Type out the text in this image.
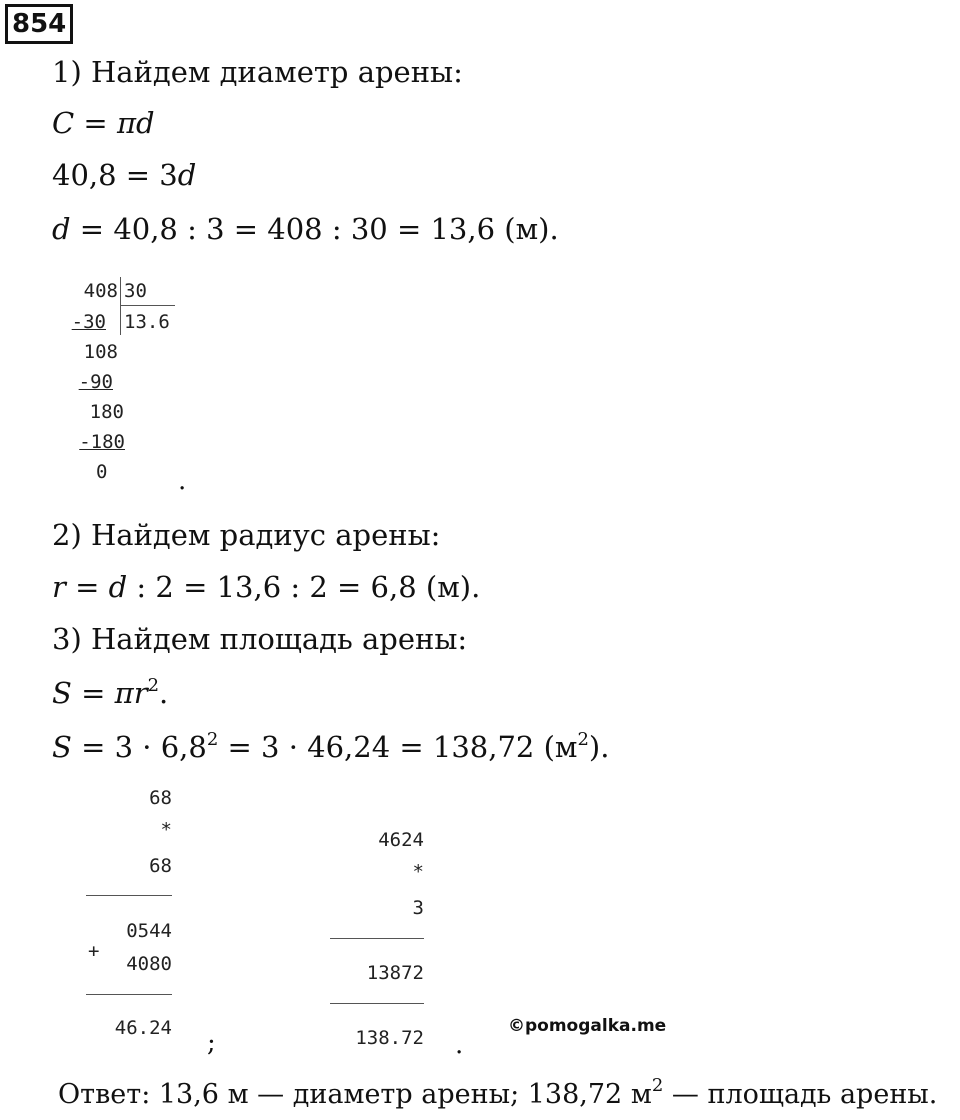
854
1) Найдем диаметр арены:
C = πd
40,8 = 3d
d = 40,8 : 3 = 408 : 30 = 13,6 (м).
408 30
13.6
-30
108
-90
180
-180
0	.
2) Найдем радиус арены:
r = d : 2 = 13,6 : 2 = 6,8 (м).
3) Найдем площадь арены:
$S = \pi r^2$.
$S = 3 \cdot 6,8^2 = 3 \cdot 46,24 = 138,72$ $(м^2)$.
68
*
68
0544
+
4080
46.24 ;
4624
*
3
13872
138.72 .
©pomogalka.me
Ответ: 13,6 м — диаметр арены; 138,72 $м^2$ — площадь арены.
